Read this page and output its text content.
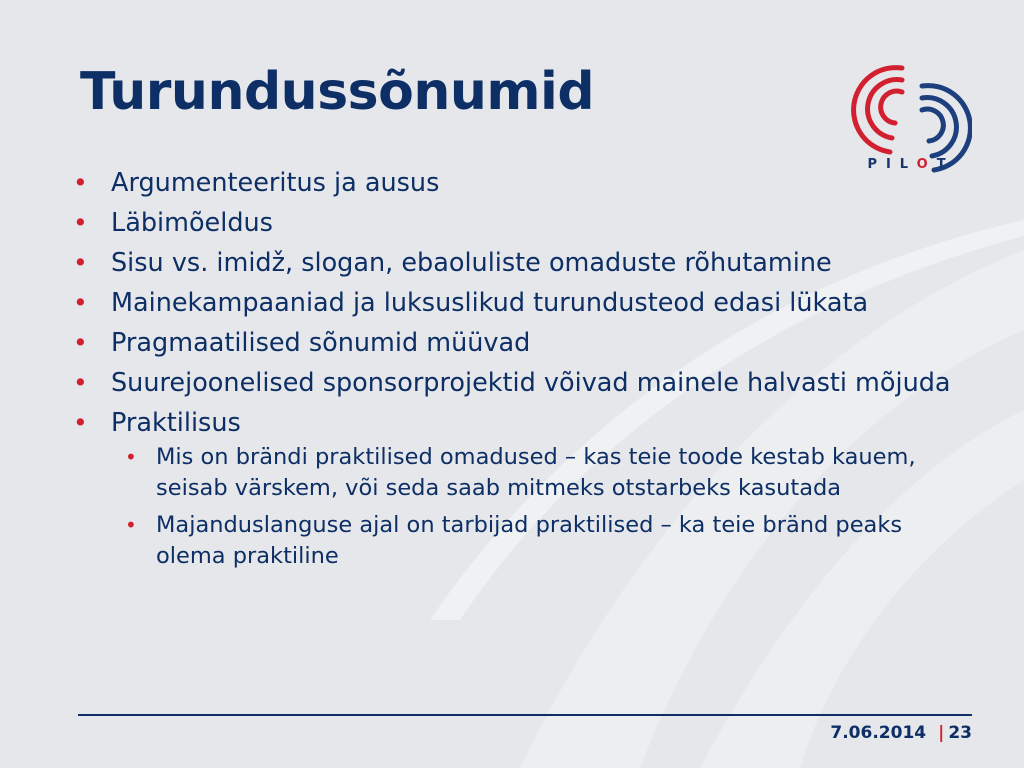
Turundussõnumid
PILOT
• Argumenteeritus ja ausus
• Läbimõeldus
• Sisu vs. imidž, slogan, ebaoluliste omaduste rõhutamine
• Mainekampaaniad ja luksuslikud turundusteod edasi lükata
• Pragmaatilised sõnumid müüvad
• Suurejoonelised sponsorprojektid võivad mainele halvasti mõjuda
• Praktilisus
• Mis on brändi praktilised omadused – kas teie toode kestab kauem, seisab värskem, või seda saab mitmeks otstarbeks kasutada
• Majanduslanguse ajal on tarbijad praktilised – ka teie bränd peaks olema praktiline
7.06.2014 | 23
